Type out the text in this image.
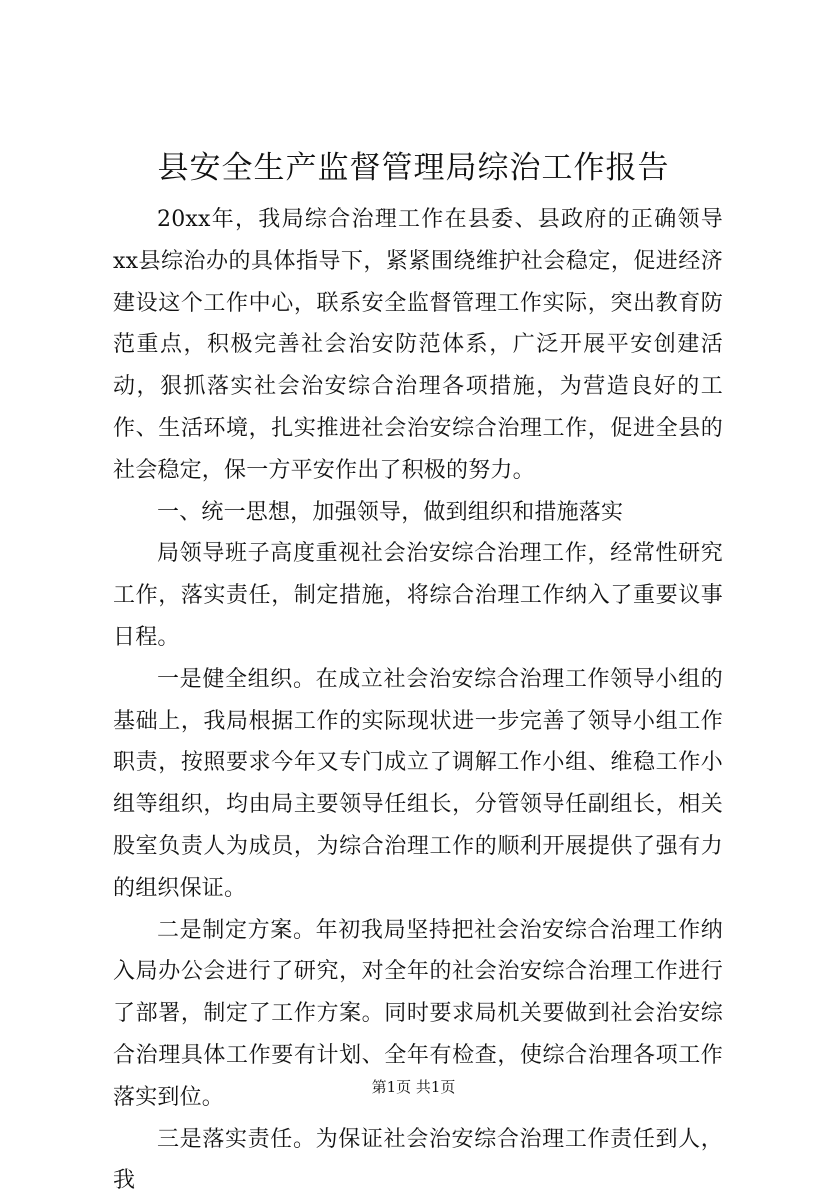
县安全生产监督管理局综治工作报告

20xx年，我局综合治理工作在县委、县政府的正确领导xx县综治办的具体指导下，紧紧围绕维护社会稳定，促进经济建设这个工作中心，联系安全监督管理工作实际，突出教育防范重点，积极完善社会治安防范体系，广泛开展平安创建活动，狠抓落实社会治安综合治理各项措施，为营造良好的工作、生活环境，扎实推进社会治安综合治理工作，促进全县的社会稳定，保一方平安作出了积极的努力。

一、统一思想，加强领导，做到组织和措施落实

局领导班子高度重视社会治安综合治理工作，经常性研究工作，落实责任，制定措施，将综合治理工作纳入了重要议事日程。

一是健全组织。在成立社会治安综合治理工作领导小组的基础上，我局根据工作的实际现状进一步完善了领导小组工作职责，按照要求今年又专门成立了调解工作小组、维稳工作小组等组织，均由局主要领导任组长，分管领导任副组长，相关股室负责人为成员，为综合治理工作的顺利开展提供了强有力的组织保证。

二是制定方案。年初我局坚持把社会治安综合治理工作纳入局办公会进行了研究，对全年的社会治安综合治理工作进行了部署，制定了工作方案。同时要求局机关要做到社会治安综合治理具体工作要有计划、全年有检查，使综合治理各项工作落实到位。

三是落实责任。为保证社会治安综合治理工作责任到人，我

第1页 共1页
